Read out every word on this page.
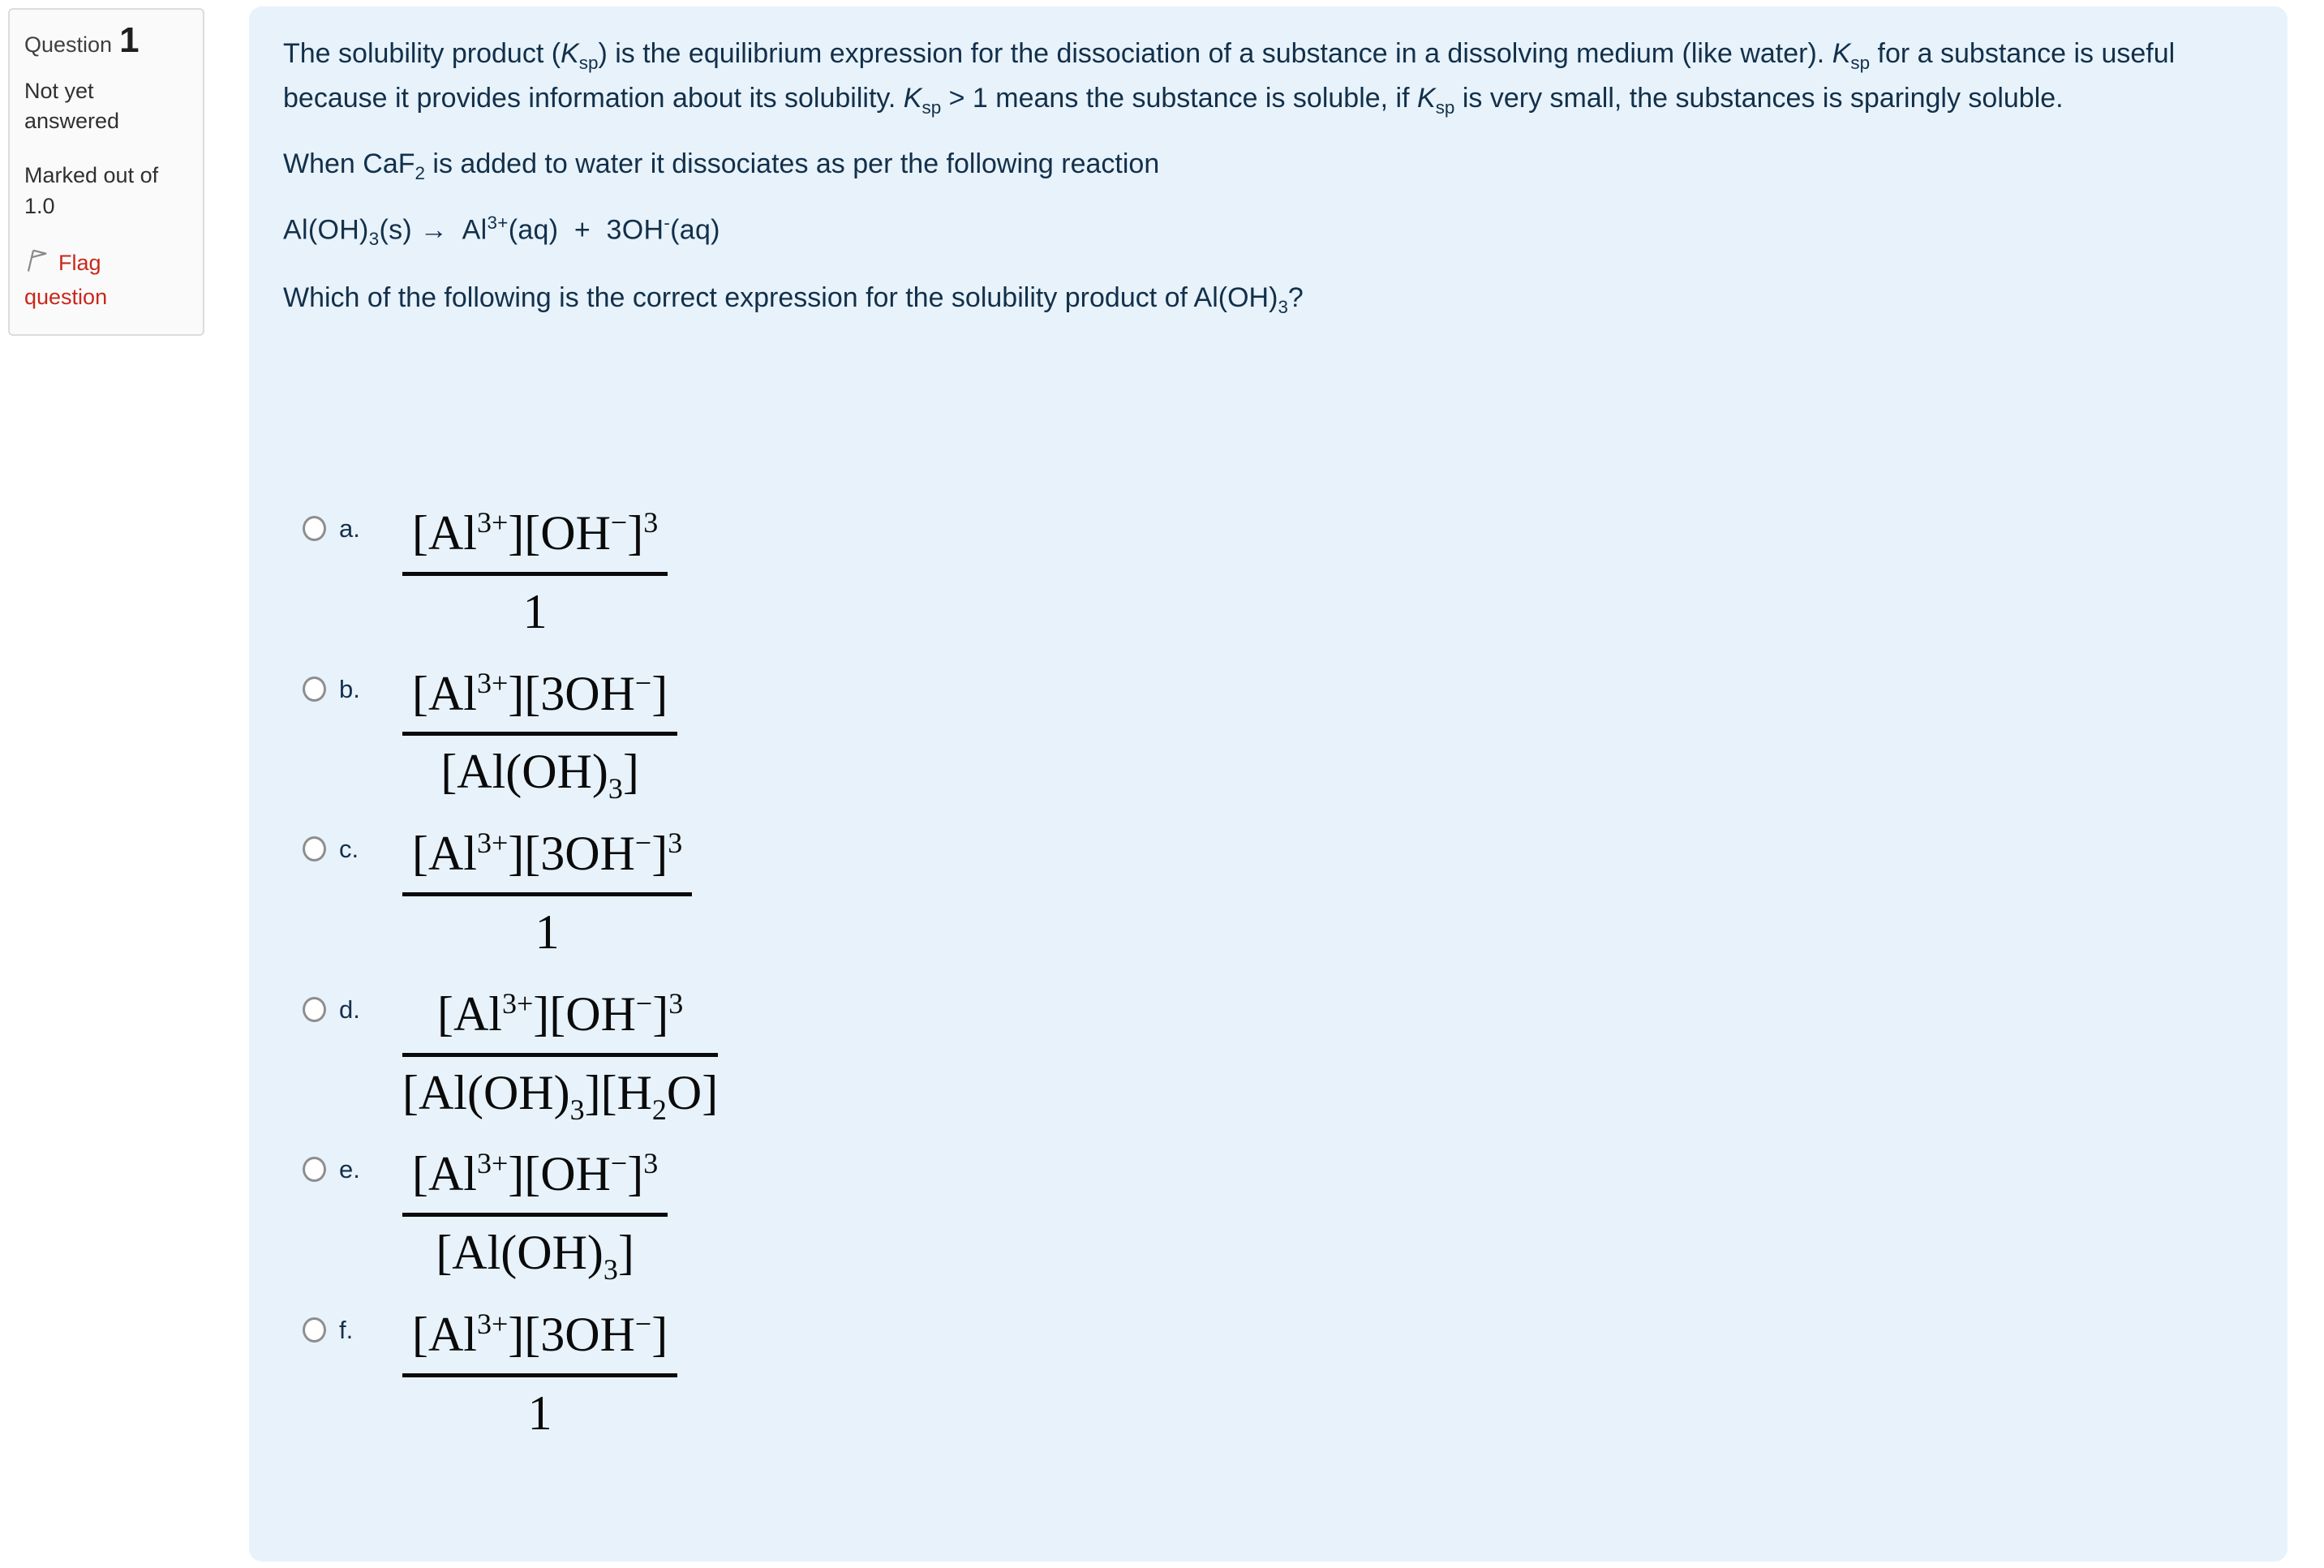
Question 1
Not yet answered
Marked out of 1.0
Flag question

The solubility product $(K_{sp})$ is the equilibrium expression for the dissociation of a substance in a dissolving medium (like water). $K_{sp}$ for a substance is useful because it provides information about its solubility. $K_{sp} > 1$ means the substance is soluble, if $K_{sp}$ is very small, the substances is sparingly soluble.

When CaF$_2$ is added to water it dissociates as per the following reaction

$Al(OH)_3(s) \to Al^{3+}(aq) + 3OH^-(aq)$

Which of the following is the correct expression for the solubility product of $Al(OH)_3$?

a. $\frac{[Al^{3+}][OH^-]^3}{1}$
b. $\frac{[Al^{3+}][3OH^-]}{[Al(OH)_3]}$
c. $\frac{[Al^{3+}][3OH^-]^3}{1}$
d. $\frac{[Al^{3+}][OH^-]^3}{[Al(OH)_3][H_2O]}$
e. $\frac{[Al^{3+}][OH^-]^3}{[Al(OH)_3]}$
f.	$\frac{[Al^{3+}][3OH^-]}{1}$
